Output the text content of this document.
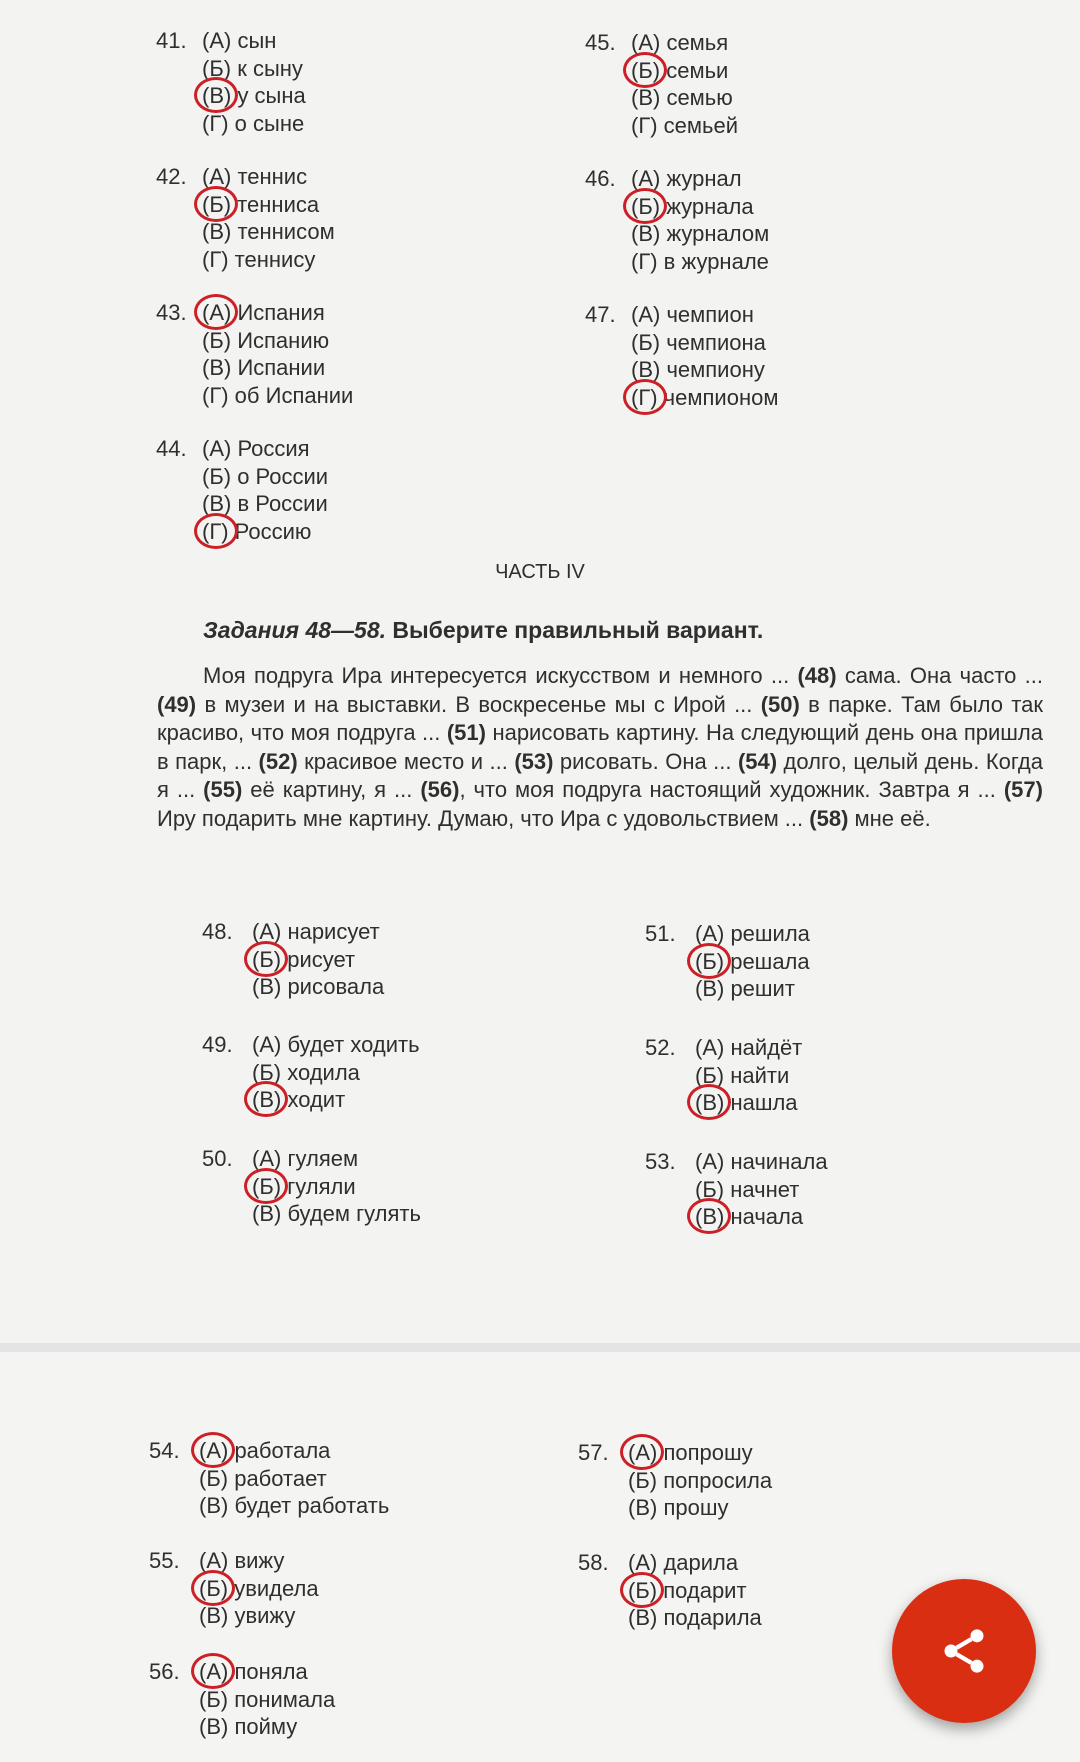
41. (А) сын
(Б) к сыну
(В) у сына
(Г) о сыне
42. (А) теннис
(Б) тенниса
(В) теннисом
(Г) теннису
43. (А) Испания
(Б) Испанию
(В) Испании
(Г) об Испании
44. (А) Россия
(Б) о России
(В) в России
(Г) Россию
45. (А) семья
(Б) семьи
(В) семью
(Г) семьей
46. (А) журнал
(Б) журнала
(В) журналом
(Г) в журнале
47. (А) чемпион
(Б) чемпиона
(В) чемпиону
(Г) чемпионом
ЧАСТЬ IV
Задания 48—58. Выберите правильный вариант.

Моя подруга Ира интересуется искусством и немного ... (48) сама. Она часто ... (49) в музеи и на выставки. В воскресенье мы с Ирой ... (50) в парке. Там было так красиво, что моя подруга ... (51) нарисовать картину. На следующий день она пришла в парк, ... (52) красивое место и ... (53) рисовать. Она ... (54) долго, целый день. Когда я ... (55) её картину, я ... (56), что моя подруга настоящий художник. Завтра я ... (57) Иру подарить мне картину. Думаю, что Ира с удовольствием ... (58) мне её.

48. (А) нарисует
(Б) рисует
(В) рисовала
49. (А) будет ходить
(Б) ходила
(В) ходит
50. (А) гуляем
(Б) гуляли
(В) будем гулять
51. (А) решила
(Б) решала
(В) решит
52. (А) найдёт
(Б) найти
(В) нашла
53. (А) начинала
(Б) начнет
(В) начала
54. (А) работала
(Б) работает
(В) будет работать
55. (А) вижу
(Б) увидела
(В) увижу
56. (А) поняла
(Б) понимала
(В) пойму
57. (А) попрошу
(Б) попросила
(В) прошу
58. (А) дарила
(Б) подарит
(В) подарила
